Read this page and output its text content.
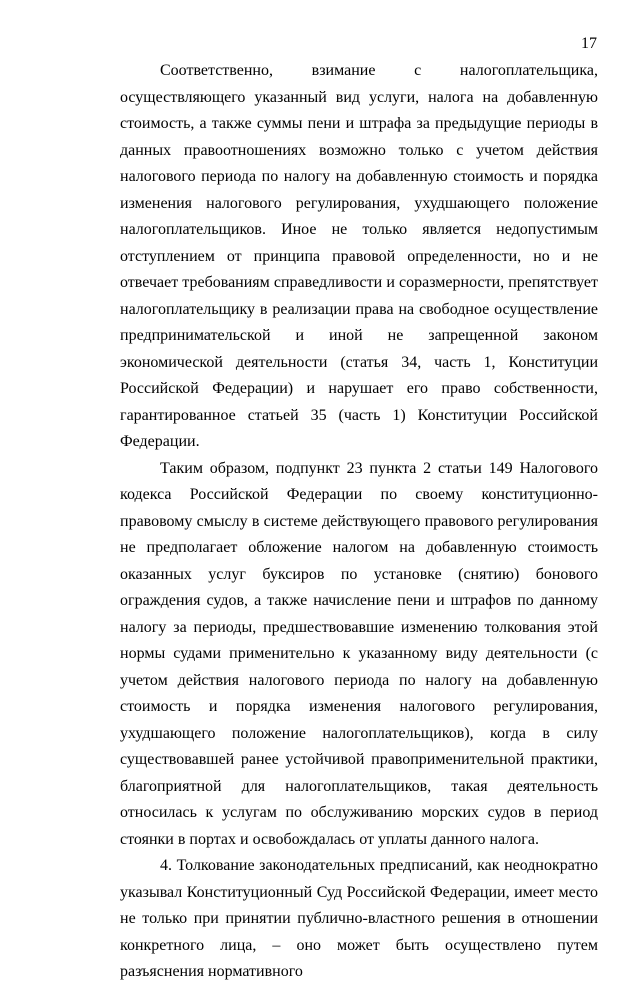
17

Соответственно, взимание с налогоплательщика, осуществляющего указанный вид услуги, налога на добавленную стоимость, а также суммы пени и штрафа за предыдущие периоды в данных правоотношениях возможно только с учетом действия налогового периода по налогу на добавленную стоимость и порядка изменения налогового регулирования, ухудшающего положение налогоплательщиков. Иное не только является недопустимым отступлением от принципа правовой определенности, но и не отвечает требованиям справедливости и соразмерности, препятствует налогоплательщику в реализации права на свободное осуществление предпринимательской и иной не запрещенной законом экономической деятельности (статья 34, часть 1, Конституции Российской Федерации) и нарушает его право собственности, гарантированное статьей 35 (часть 1) Конституции Российской Федерации.

Таким образом, подпункт 23 пункта 2 статьи 149 Налогового кодекса Российской Федерации по своему конституционно-правовому смыслу в системе действующего правового регулирования не предполагает обложение налогом на добавленную стоимость оказанных услуг буксиров по установке (снятию) бонового ограждения судов, а также начисление пени и штрафов по данному налогу за периоды, предшествовавшие изменению толкования этой нормы судами применительно к указанному виду деятельности (с учетом действия налогового периода по налогу на добавленную стоимость и порядка изменения налогового регулирования, ухудшающего положение налогоплательщиков), когда в силу существовавшей ранее устойчивой правоприменительной практики, благоприятной для налогоплательщиков, такая деятельность относилась к услугам по обслуживанию морских судов в период стоянки в портах и освобождалась от уплаты данного налога.

4. Толкование законодательных предписаний, как неоднократно указывал Конституционный Суд Российской Федерации, имеет место не только при принятии публично-властного решения в отношении конкретного лица, – оно может быть осуществлено путем разъяснения нормативного
